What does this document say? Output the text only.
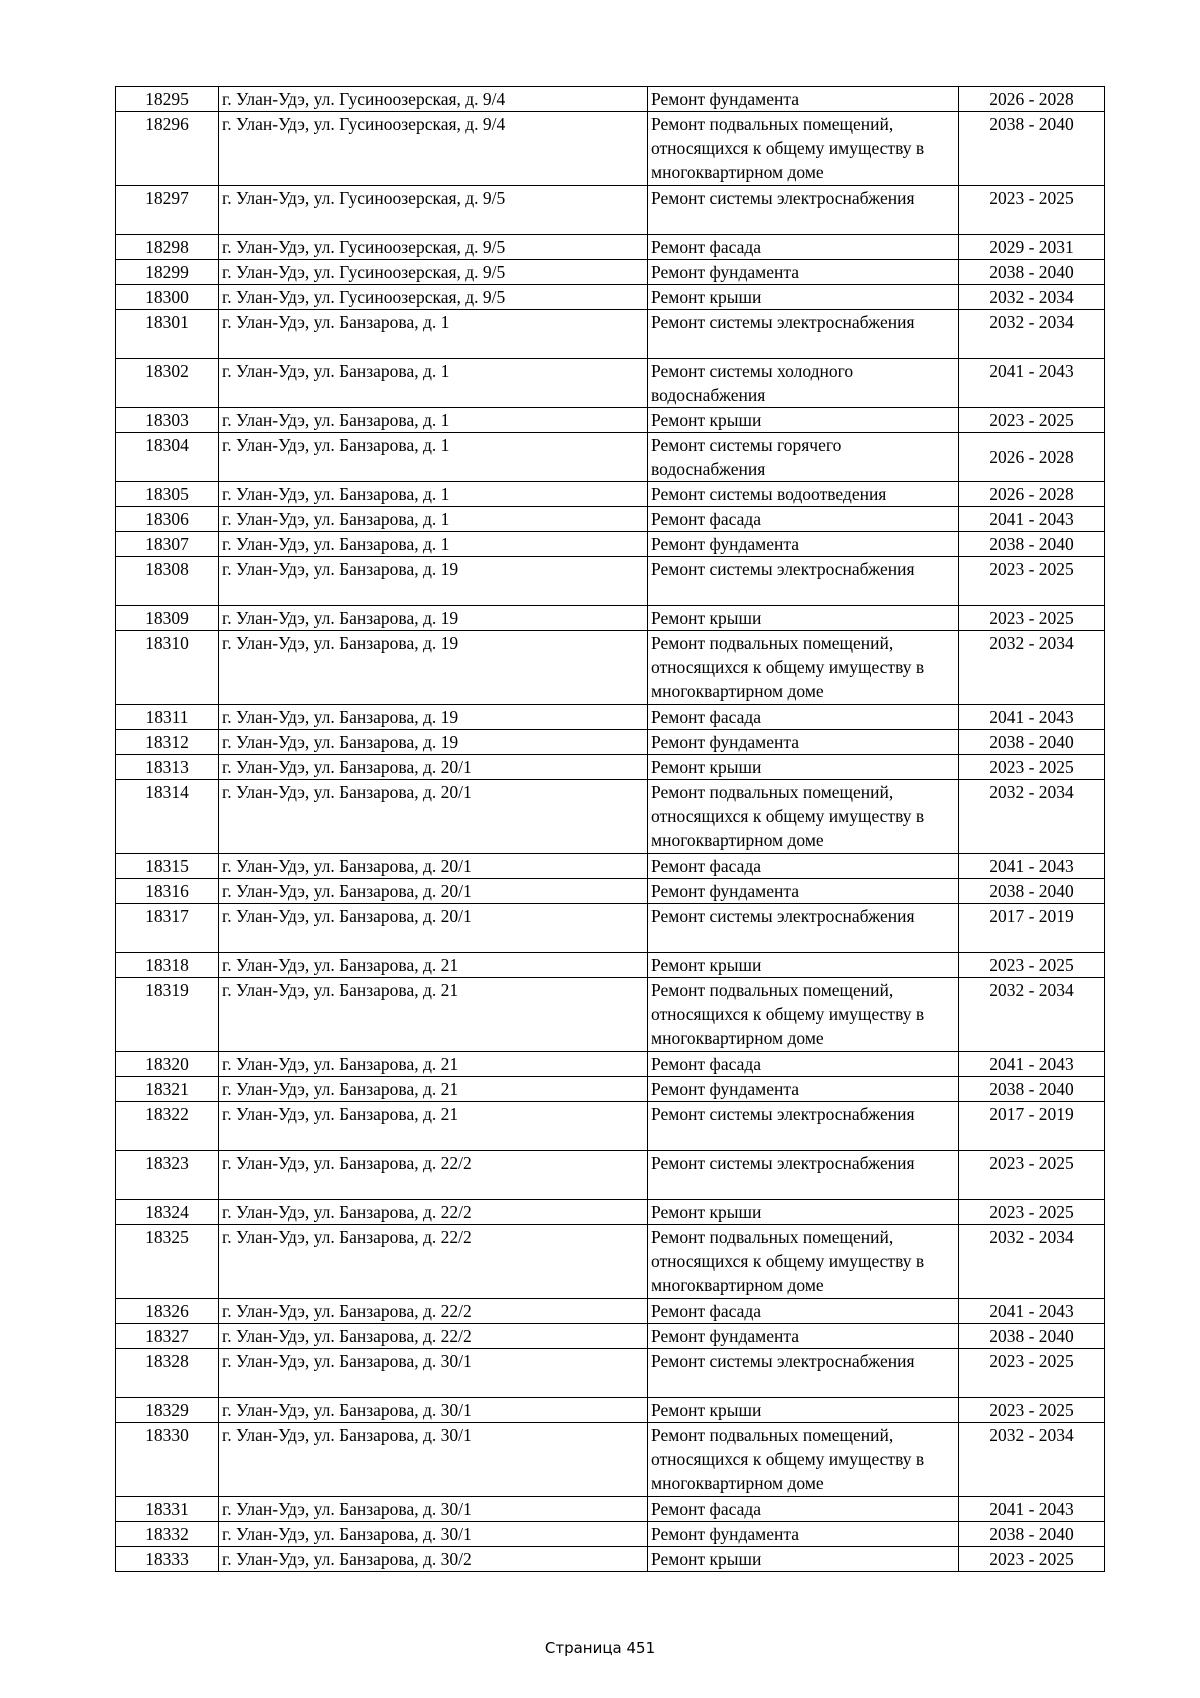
18295	г. Улан-Удэ, ул. Гусиноозерская, д. 9/4	Ремонт фундамента	2026 - 2028
18296	г. Улан-Удэ, ул. Гусиноозерская, д. 9/4	Ремонт подвальных помещений, относящихся к общему имуществу в многоквартирном доме	2038 - 2040
18297	г. Улан-Удэ, ул. Гусиноозерская, д. 9/5	Ремонт системы электроснабжения	2023 - 2025
18298	г. Улан-Удэ, ул. Гусиноозерская, д. 9/5	Ремонт фасада	2029 - 2031
18299	г. Улан-Удэ, ул. Гусиноозерская, д. 9/5	Ремонт фундамента	2038 - 2040
18300	г. Улан-Удэ, ул. Гусиноозерская, д. 9/5	Ремонт крыши	2032 - 2034
18301	г. Улан-Удэ, ул. Банзарова, д. 1	Ремонт системы электроснабжения	2032 - 2034
18302	г. Улан-Удэ, ул. Банзарова, д. 1	Ремонт системы холодного водоснабжения	2041 - 2043
18303	г. Улан-Удэ, ул. Банзарова, д. 1	Ремонт крыши	2023 - 2025
18304	г. Улан-Удэ, ул. Банзарова, д. 1	Ремонт системы горячего водоснабжения	2026 - 2028
18305	г. Улан-Удэ, ул. Банзарова, д. 1	Ремонт системы водоотведения	2026 - 2028
18306	г. Улан-Удэ, ул. Банзарова, д. 1	Ремонт фасада	2041 - 2043
18307	г. Улан-Удэ, ул. Банзарова, д. 1	Ремонт фундамента	2038 - 2040
18308	г. Улан-Удэ, ул. Банзарова, д. 19	Ремонт системы электроснабжения	2023 - 2025
18309	г. Улан-Удэ, ул. Банзарова, д. 19	Ремонт крыши	2023 - 2025
18310	г. Улан-Удэ, ул. Банзарова, д. 19	Ремонт подвальных помещений, относящихся к общему имуществу в многоквартирном доме	2032 - 2034
18311	г. Улан-Удэ, ул. Банзарова, д. 19	Ремонт фасада	2041 - 2043
18312	г. Улан-Удэ, ул. Банзарова, д. 19	Ремонт фундамента	2038 - 2040
18313	г. Улан-Удэ, ул. Банзарова, д. 20/1	Ремонт крыши	2023 - 2025
18314	г. Улан-Удэ, ул. Банзарова, д. 20/1	Ремонт подвальных помещений, относящихся к общему имуществу в многоквартирном доме	2032 - 2034
18315	г. Улан-Удэ, ул. Банзарова, д. 20/1	Ремонт фасада	2041 - 2043
18316	г. Улан-Удэ, ул. Банзарова, д. 20/1	Ремонт фундамента	2038 - 2040
18317	г. Улан-Удэ, ул. Банзарова, д. 20/1	Ремонт системы электроснабжения	2017 - 2019
18318	г. Улан-Удэ, ул. Банзарова, д. 21	Ремонт крыши	2023 - 2025
18319	г. Улан-Удэ, ул. Банзарова, д. 21	Ремонт подвальных помещений, относящихся к общему имуществу в многоквартирном доме	2032 - 2034
18320	г. Улан-Удэ, ул. Банзарова, д. 21	Ремонт фасада	2041 - 2043
18321	г. Улан-Удэ, ул. Банзарова, д. 21	Ремонт фундамента	2038 - 2040
18322	г. Улан-Удэ, ул. Банзарова, д. 21	Ремонт системы электроснабжения	2017 - 2019
18323	г. Улан-Удэ, ул. Банзарова, д. 22/2	Ремонт системы электроснабжения	2023 - 2025
18324	г. Улан-Удэ, ул. Банзарова, д. 22/2	Ремонт крыши	2023 - 2025
18325	г. Улан-Удэ, ул. Банзарова, д. 22/2	Ремонт подвальных помещений, относящихся к общему имуществу в многоквартирном доме	2032 - 2034
18326	г. Улан-Удэ, ул. Банзарова, д. 22/2	Ремонт фасада	2041 - 2043
18327	г. Улан-Удэ, ул. Банзарова, д. 22/2	Ремонт фундамента	2038 - 2040
18328	г. Улан-Удэ, ул. Банзарова, д. 30/1	Ремонт системы электроснабжения	2023 - 2025
18329	г. Улан-Удэ, ул. Банзарова, д. 30/1	Ремонт крыши	2023 - 2025
18330	г. Улан-Удэ, ул. Банзарова, д. 30/1	Ремонт подвальных помещений, относящихся к общему имуществу в многоквартирном доме	2032 - 2034
18331	г. Улан-Удэ, ул. Банзарова, д. 30/1	Ремонт фасада	2041 - 2043
18332	г. Улан-Удэ, ул. Банзарова, д. 30/1	Ремонт фундамента	2038 - 2040
18333	г. Улан-Удэ, ул. Банзарова, д. 30/2	Ремонт крыши	2023 - 2025
Страница 451
